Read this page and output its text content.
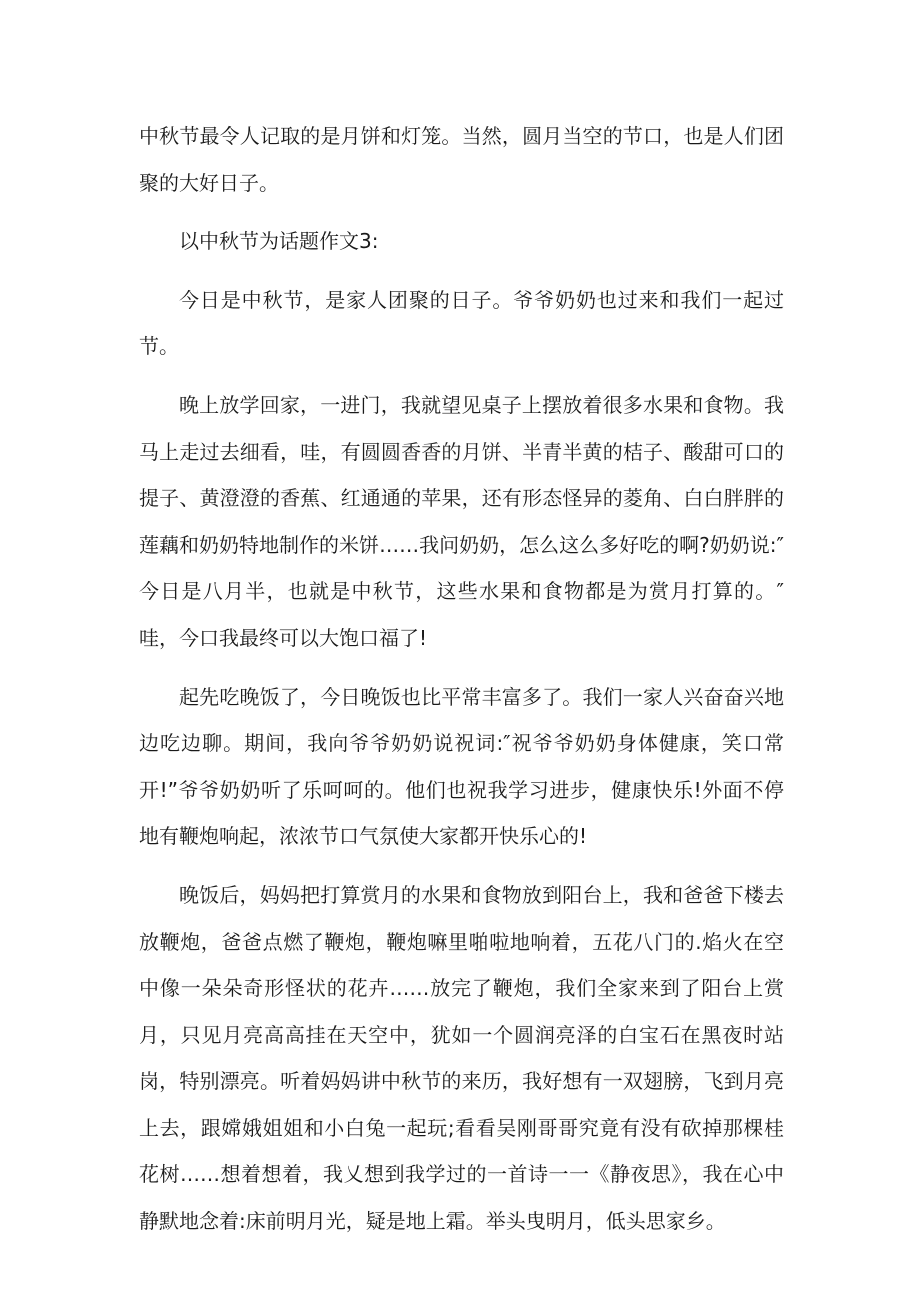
中秋节最令人记取的是月饼和灯笼。当然，圆月当空的节口，也是人们团聚的大好日子。

以中秋节为话题作文3:

今日是中秋节，是家人团聚的日子。爷爷奶奶也过来和我们一起过节。

晚上放学回家，一进门，我就望见桌子上摆放着很多水果和食物。我马上走过去细看，哇，有圆圆香香的月饼、半青半黄的桔子、酸甜可口的提子、黄澄澄的香蕉、红通通的苹果，还有形态怪异的菱角、白白胖胖的莲藕和奶奶特地制作的米饼……我问奶奶，怎么这么多好吃的啊?奶奶说:″今日是八月半，也就是中秋节，这些水果和食物都是为赏月打算的。″哇，今口我最终可以大饱口福了!

起先吃晚饭了，今日晚饭也比平常丰富多了。我们一家人兴奋奋兴地边吃边聊。期间，我向爷爷奶奶说祝词:″祝爷爷奶奶身体健康，笑口常开!”爷爷奶奶听了乐呵呵的。他们也祝我学习进步，健康快乐!外面不停地有鞭炮响起，浓浓节口气氛使大家都开快乐心的!

晚饭后，妈妈把打算赏月的水果和食物放到阳台上，我和爸爸下楼去放鞭炮，爸爸点燃了鞭炮，鞭炮嘛里啪啦地响着，五花八门的.焰火在空中像一朵朵奇形怪状的花卉……放完了鞭炮，我们全家来到了阳台上赏月，只见月亮高高挂在天空中，犹如一个圆润亮泽的白宝石在黑夜时站岗，特别漂亮。听着妈妈讲中秋节的来历，我好想有一双翅膀，飞到月亮上去，跟嫦娥姐姐和小白兔一起玩;看看吴刚哥哥究竟有没有砍掉那棵桂花树……想着想着，我乂想到我学过的一首诗一一《静夜思》，我在心中静默地念着:床前明月光，疑是地上霜。举头曳明月，低头思家乡。
